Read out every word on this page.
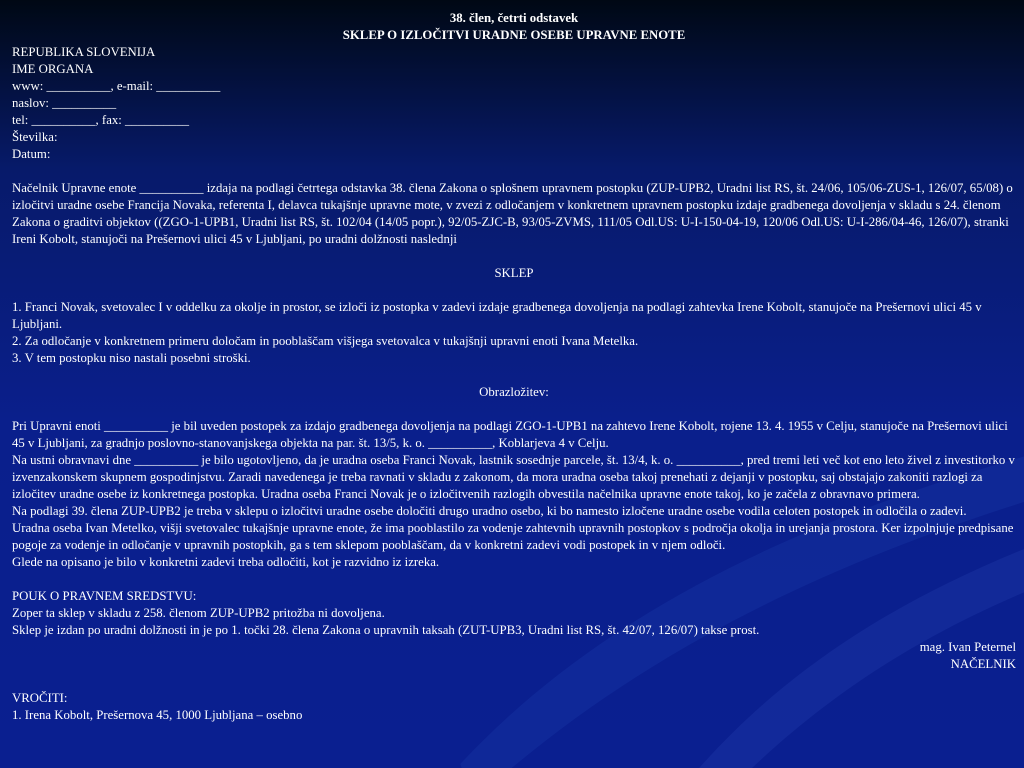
38. člen, četrti odstavek

SKLEP O IZLOČITVI URADNE OSEBE UPRAVNE ENOTE

REPUBLIKA SLOVENIJA

IME ORGANA

www: __________, e-mail: __________

naslov: __________

tel: __________, fax: __________

Številka:

Datum:

Načelnik Upravne enote __________ izdaja na podlagi četrtega odstavka 38. člena Zakona o splošnem upravnem postopku (ZUP-UPB2, Uradni list RS, št. 24/06, 105/06-ZUS-1, 126/07, 65/08) o izločitvi uradne osebe Francija Novaka, referenta I, delavca tukajšnje upravne mote, v zvezi z odločanjem v konkretnem upravnem postopku izdaje gradbenega dovoljenja v skladu s 24. členom Zakona o graditvi objektov ((ZGO-1-UPB1, Uradni list RS, št. 102/04 (14/05 popr.), 92/05-ZJC-B, 93/05-ZVMS, 111/05 Odl.US: U-I-150-04-19, 120/06 Odl.US: U-I-286/04-46, 126/07), stranki Ireni Kobolt, stanujoči na Prešernovi ulici 45 v Ljubljani, po uradni dolžnosti naslednji

SKLEP

1. Franci Novak, svetovalec I v oddelku za okolje in prostor, se izloči iz postopka v zadevi izdaje gradbenega dovoljenja na podlagi zahtevka Irene Kobolt, stanujoče na Prešernovi ulici 45 v Ljubljani.

2. Za odločanje v konkretnem primeru določam in pooblaščam višjega svetovalca v tukajšnji upravni enoti Ivana Metelka.

3. V tem postopku niso nastali posebni stroški.

Obrazložitev:

Pri Upravni enoti __________ je bil uveden postopek za izdajo gradbenega dovoljenja na podlagi ZGO-1-UPB1 na zahtevo Irene Kobolt, rojene 13. 4. 1955 v Celju, stanujoče na Prešernovi ulici 45 v Ljubljani, za gradnjo poslovno-stanovanjskega objekta na par. št. 13/5, k. o. __________, Koblarjeva 4 v Celju.

Na ustni obravnavi dne __________ je bilo ugotovljeno, da je uradna oseba Franci Novak, lastnik sosednje parcele, št. 13/4, k. o. __________, pred tremi leti več kot eno leto živel z investitorko v izvenzakonskem skupnem gospodinjstvu. Zaradi navedenega je treba ravnati v skladu z zakonom, da mora uradna oseba takoj prenehati z dejanji v postopku, saj obstajajo zakoniti razlogi za izločitev uradne osebe iz konkretnega postopka. Uradna oseba Franci Novak je o izločitvenih razlogih obvestila načelnika upravne enote takoj, ko je začela z obravnavo primera.

Na podlagi 39. člena ZUP-UPB2 je treba v sklepu o izločitvi uradne osebe določiti drugo uradno osebo, ki bo namesto izločene uradne osebe vodila celoten postopek in odločila o zadevi.

Uradna oseba Ivan Metelko, višji svetovalec tukajšnje upravne enote, že ima pooblastilo za vodenje zahtevnih upravnih postopkov s področja okolja in urejanja prostora. Ker izpolnjuje predpisane pogoje za vodenje in odločanje v upravnih postopkih, ga s tem sklepom pooblaščam, da v konkretni zadevi vodi postopek in v njem odloči.

Glede na opisano je bilo v konkretni zadevi treba odločiti, kot je razvidno iz izreka.

POUK O PRAVNEM SREDSTVU:

Zoper ta sklep v skladu z 258. členom ZUP-UPB2 pritožba ni dovoljena.

Sklep je izdan po uradni dolžnosti in je po 1. točki 28. člena Zakona o upravnih taksah (ZUT-UPB3, Uradni list RS, št. 42/07, 126/07) takse prost.

mag. Ivan Peternel

NAČELNIK

VROČITI:

1. Irena Kobolt, Prešernova 45, 1000 Ljubljana – osebno
